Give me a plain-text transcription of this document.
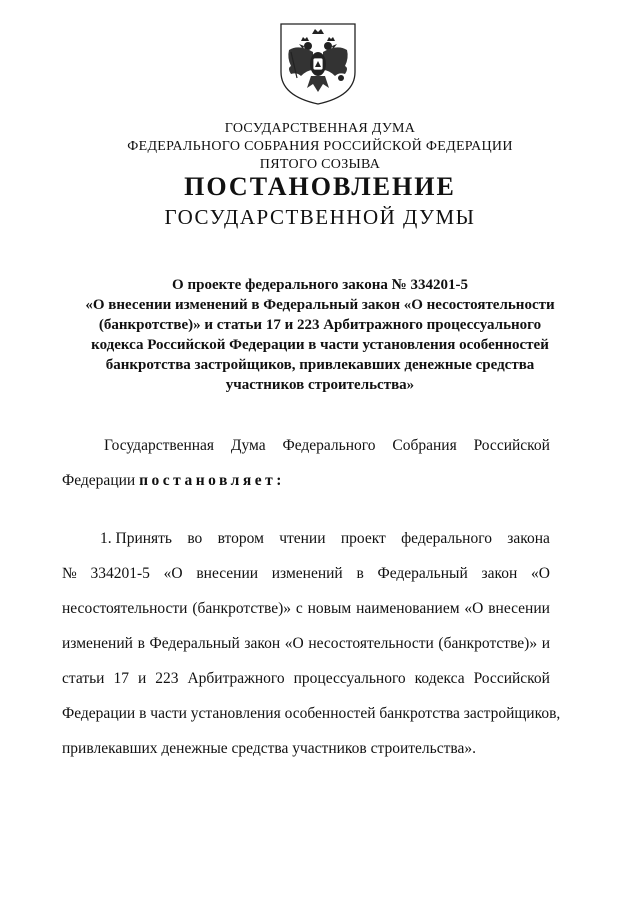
ГОСУДАРСТВЕННАЯ ДУМА
ФЕДЕРАЛЬНОГО СОБРАНИЯ РОССИЙСКОЙ ФЕДЕРАЦИИ
ПЯТОГО СОЗЫВА
ПОСТАНОВЛЕНИЕ
ГОСУДАРСТВЕННОЙ ДУМЫ
О проекте федерального закона № 334201-5
«О внесении изменений в Федеральный закон «О несостоятельности
(банкротстве)» и статьи 17 и 223 Арбитражного процессуального
кодекса Российской Федерации в части установления особенностей
банкротства застройщиков, привлекавших денежные средства
участников строительства»
Государственная Дума Федерального Собрания Российской
Федерации постановляет:
1. Принять во втором чтении проект федерального закона
№ 334201-5 «О внесении изменений в Федеральный закон «О
несостоятельности (банкротстве)» с новым наименованием «О внесении
изменений в Федеральный закон «О несостоятельности (банкротстве)» и
статьи 17 и 223 Арбитражного процессуального кодекса Российской
Федерации в части установления особенностей банкротства застройщиков,
привлекавших денежные средства участников строительства».
